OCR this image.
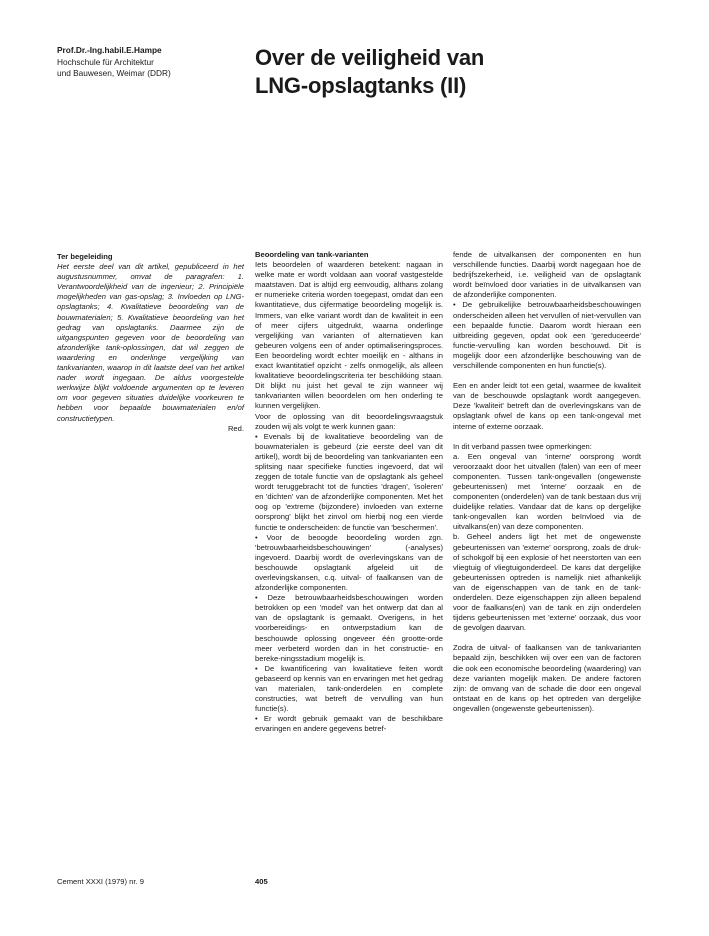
Prof.Dr.-Ing.habil.E.Hampe
Hochschule für Architektur
und Bauwesen, Weimar (DDR)
Over de veiligheid van
LNG-opslagtanks (II)

Ter begeleiding

Het eerste deel van dit artikel, gepubliceerd in het augustusnummer, omvat de paragrafen: 1. Verantwoordelijkheid van de ingenieur; 2. Principiële mogelijkheden van gas-opslag; 3. Invloeden op LNG-opslagtanks; 4. Kwalitatieve beoordeling van de bouwmaterialen; 5. Kwalitatieve beoordeling van het gedrag van opslagtanks. Daarmee zijn de uitgangspunten gegeven voor de beoordeling van afzonderlijke tank-oplossingen, dat wil zeggen de waardering en onderlinge vergelijking van tankvarianten, waarop in dit laatste deel van het artikel nader wordt ingegaan. De aldus voorgestelde werkwijze blijkt voldoende argumenten op te leveren om voor gegeven situaties duidelijke voorkeuren te hebben voor bepaalde bouwmaterialen en/of constructietypen.

Red.

Beoordeling van tank-varianten

Iets beoordelen of waarderen betekent: nagaan in welke mate er wordt voldaan aan vooraf vastgestelde maatstaven. Dat is altijd erg eenvoudig, althans zolang er numerieke criteria worden toegepast, omdat dan een kwantitatieve, dus cijfermatige beoordeling mogelijk is. Immers, van elke variant wordt dan de kwaliteit in een of meer cijfers uitgedrukt, waarna onderlinge vergelijking van varianten of alternatieven kan gebeuren volgens een of ander optimaliseringsproces. Een beoordeling wordt echter moeilijk en - althans in exact kwantitatief opzicht - zelfs onmogelijk, als alleen kwalitatieve beoordelingscriteria ter beschikking staan. Dit blijkt nu juist het geval te zijn wanneer wij tankvarianten willen beoordelen om hen onderling te kunnen vergelijken.

Voor de oplossing van dit beoordelingsvraagstuk zouden wij als volgt te werk kunnen gaan:

• Evenals bij de kwalitatieve beoordeling van de bouwmaterialen is gebeurd (zie eerste deel van dit artikel), wordt bij de beoordeling van tankvarianten een splitsing naar specifieke functies ingevoerd, dat wil zeggen de totale functie van de opslagtank als geheel wordt teruggebracht tot de functies 'dragen', 'isoleren' en 'dichten' van de afzonderlijke componenten. Met het oog op 'extreme (bijzondere) invloeden van externe oorsprong' blijkt het zinvol om hierbij nog een vierde functie te onderscheiden: de functie van 'beschermen'.

• Voor de beoogde beoordeling worden zgn. 'betrouwbaarheidsbeschouwingen' (-analyses) ingevoerd. Daarbij wordt de overlevingskans van de beschouwde opslagtank afgeleid uit de overlevingskansen, c.q. uitval- of faalkansen van de afzonderlijke componenten.

• Deze betrouwbaarheidsbeschouwingen worden betrokken op een 'model' van het ontwerp dat dan al van de opslagtank is gemaakt. Overigens, in het voorbereidings- en ontwerpstadium kan de beschouwde oplossing ongeveer één grootte-orde meer verbeterd worden dan in het constructie- en bereke-ningsstadium mogelijk is.

• De kwantificering van kwalitatieve feiten wordt gebaseerd op kennis van en ervaringen met het gedrag van materialen, tank-onderdelen en complete constructies, wat betreft de vervulling van hun functie(s).

• Er wordt gebruik gemaakt van de beschikbare ervaringen en andere gegevens betref-

fende de uitvalkansen der componenten en hun verschillende functies. Daarbij wordt nagegaan hoe de bedrijfszekerheid, i.e. veiligheid van de opslagtank wordt beïnvloed door variaties in de uitvalkansen van de afzonderlijke componenten.

• De gebruikelijke betrouwbaarheidsbeschouwingen onderscheiden alleen het vervullen of niet-vervullen van een bepaalde functie. Daarom wordt hieraan een uitbreiding gegeven, opdat ook een 'gereduceerde' functie-vervulling kan worden beschouwd. Dit is mogelijk door een afzonderlijke beschouwing van de verschillende componenten en hun functie(s).

Een en ander leidt tot een getal, waarmee de kwaliteit van de beschouwde opslagtank wordt aangegeven. Deze 'kwaliteit' betreft dan de overlevingskans van de opslagtank ofwel de kans op een tank-ongeval met interne of externe oorzaak.

In dit verband passen twee opmerkingen:

a. Een ongeval van 'interne' oorsprong wordt veroorzaakt door het uitvallen (falen) van een of meer componenten. Tussen tank-ongevallen (ongewenste gebeurtenissen) met 'interne' oorzaak en de componenten (onderdelen) van de tank bestaan dus vrij duidelijke relaties. Vandaar dat de kans op dergelijke tank-ongevallen kan worden beïnvloed via de uitvalkans(en) van deze componenten.

b. Geheel anders ligt het met de ongewenste gebeurtenissen van 'externe' oorsprong, zoals de druk- of schokgolf bij een explosie of het neerstorten van een vliegtuig of vliegtuigonderdeel. De kans dat dergelijke gebeurtenissen optreden is namelijk niet afhankelijk van de eigenschappen van de tank en de tank-onderdelen. Deze eigenschappen zijn alleen bepalend voor de faalkans(en) van de tank en zijn onderdelen tijdens gebeurtenissen met 'externe' oorzaak, dus voor de gevolgen daarvan.

Zodra de uitval- of faalkansen van de tankvarianten bepaald zijn, beschikken wij over een van de factoren die ook een economische beoordeling (waardering) van deze varianten mogelijk maken. De andere factoren zijn: de omvang van de schade die door een ongeval ontstaat en de kans op het optreden van dergelijke ongevallen (ongewenste gebeurtenissen).

Cement XXXI (1979) nr. 9	405
